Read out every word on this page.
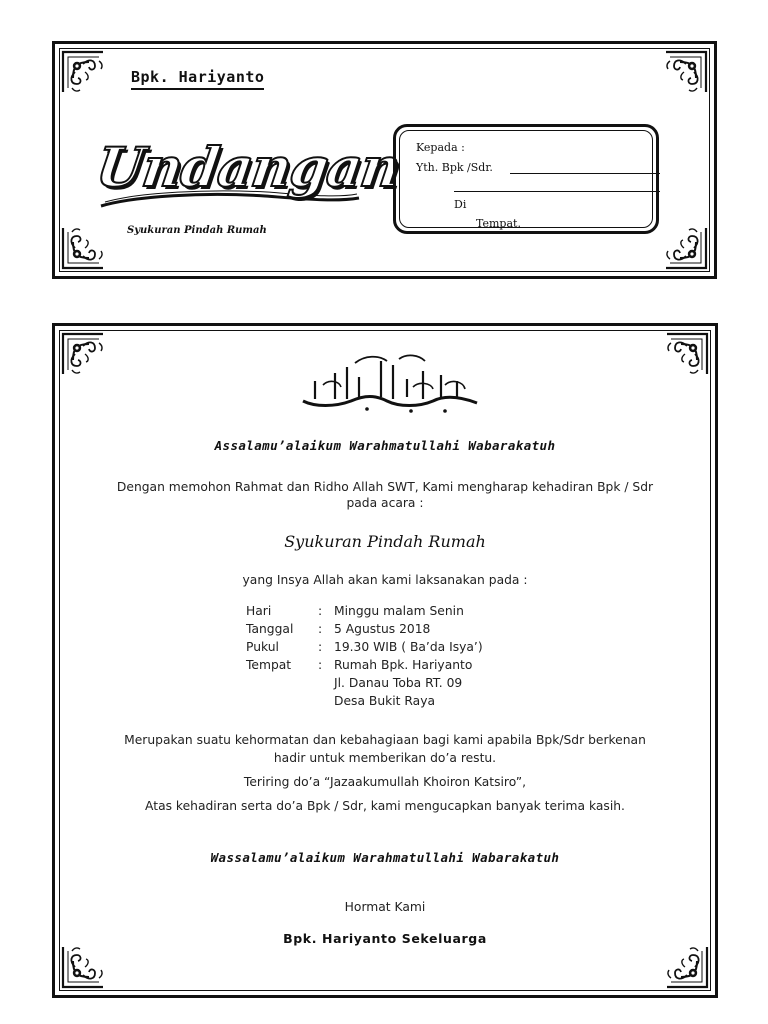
Bpk. Hariyanto
Undangan
Syukuran Pindah Rumah
Kepada :
Yth. Bpk /Sdr.
Di
Tempat.
Assalamu’alaikum Warahmatullahi Wabarakatuh
Dengan memohon Rahmat dan Ridho Allah SWT, Kami mengharap kehadiran Bpk / Sdr
pada acara :
Syukuran Pindah Rumah
yang Insya Allah akan kami laksanakan pada :
Hari	: Minggu malam Senin
Tanggal	: 5 Agustus 2018
Pukul	: 19.30 WIB ( Ba’da Isya’)
Tempat	: Rumah Bpk. Hariyanto
Jl. Danau Toba RT. 09
Desa Bukit Raya
Merupakan suatu kehormatan dan kebahagiaan bagi kami apabila Bpk/Sdr berkenan
hadir untuk memberikan do’a restu.
Teriring do’a “Jazaakumullah Khoiron Katsiro”,
Atas kehadiran serta do’a Bpk / Sdr, kami mengucapkan banyak terima kasih.
Wassalamu’alaikum Warahmatullahi Wabarakatuh
Hormat Kami
Bpk. Hariyanto Sekeluarga
